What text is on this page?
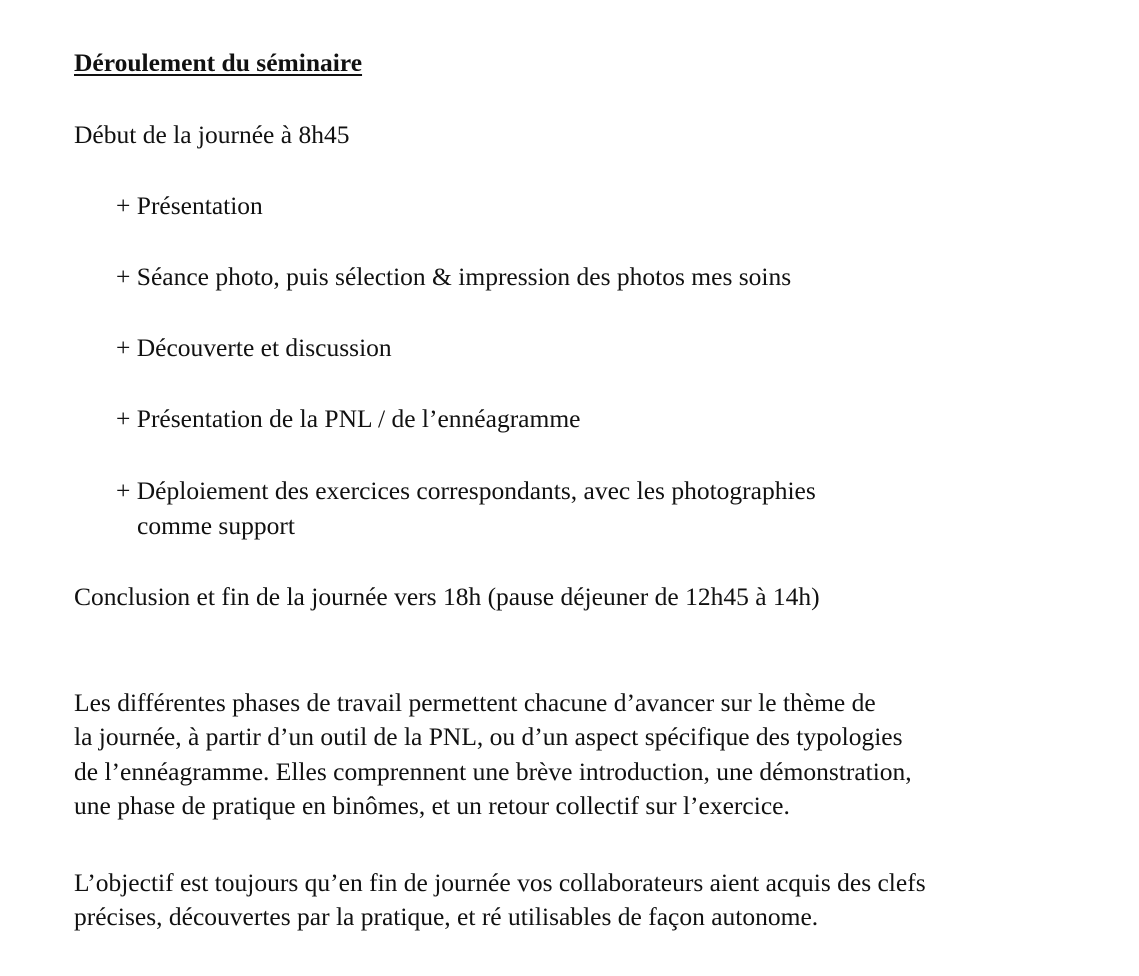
Déroulement du séminaire
Début de la journée à 8h45
+ Présentation
+ Séance photo, puis sélection & impression des photos mes soins
+ Découverte et discussion
+ Présentation de la PNL / de l’ennéagramme
+ Déploiement des exercices correspondants, avec les photographies
comme support
Conclusion et fin de la journée vers 18h (pause déjeuner de 12h45 à 14h)
Les différentes phases de travail permettent chacune d’avancer sur le thème de
la journée, à partir d’un outil de la PNL, ou d’un aspect spécifique des typologies
de l’ennéagramme. Elles comprennent une brève introduction, une démonstration,
une phase de pratique en binômes, et un retour collectif sur l’exercice.
L’objectif est toujours qu’en fin de journée vos collaborateurs aient acquis des clefs
précises, découvertes par la pratique, et ré utilisables de façon autonome.
